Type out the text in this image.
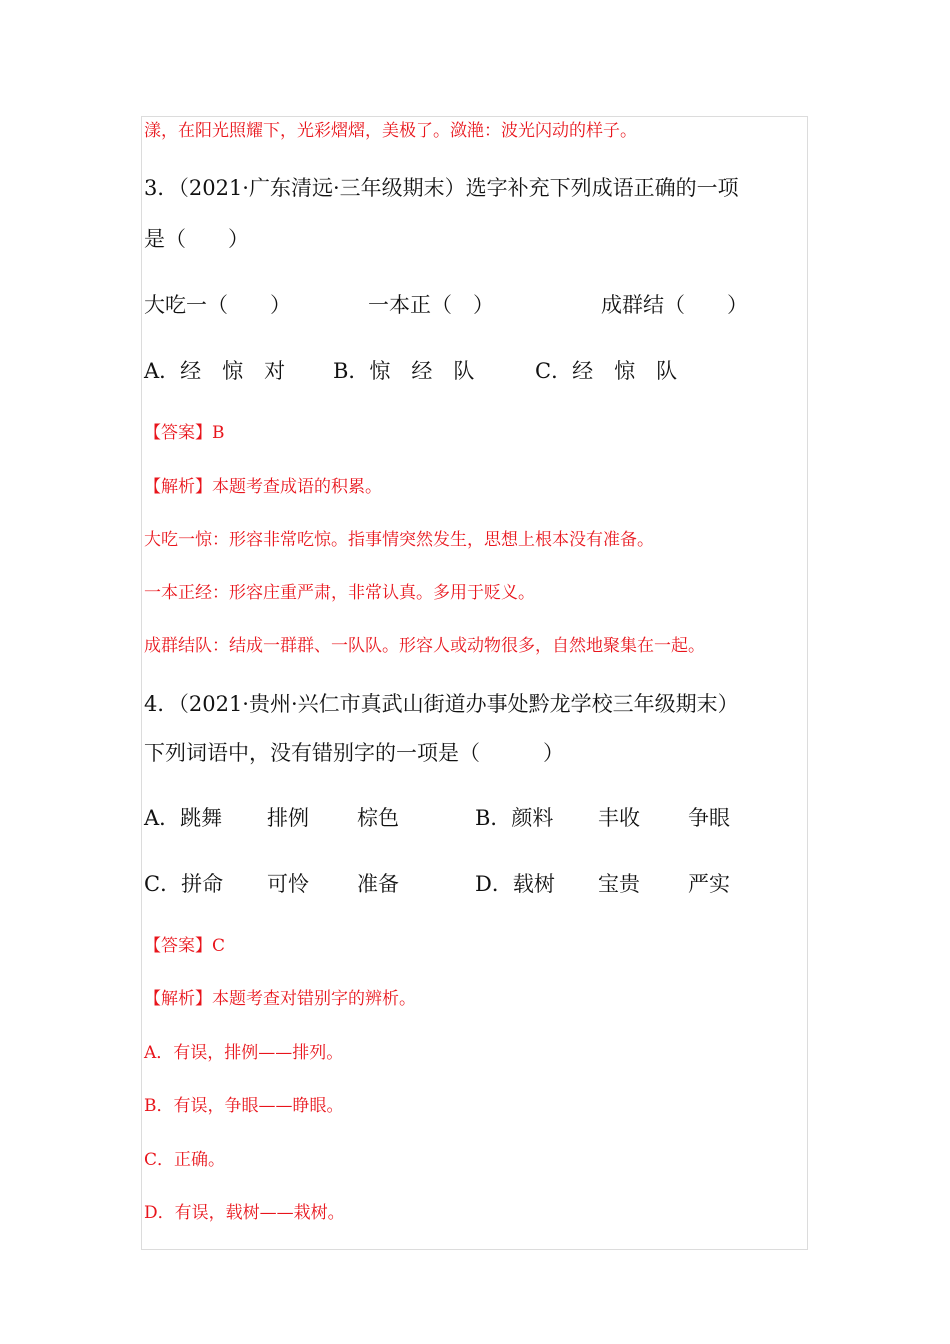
漾，在阳光照耀下，光彩熠熠，美极了。潋滟：波光闪动的样子。
3．（2021·广东清远·三年级期末）选字补充下列成语正确的一项
是（　　）
大吃一（　　）	一本正（　）	成群结（　　）
A．经　惊　对 B．惊　经　队	C．经　惊　队
【答案】B
【解析】本题考查成语的积累。
大吃一惊：形容非常吃惊。指事情突然发生，思想上根本没有准备。
一本正经：形容庄重严肃，非常认真。多用于贬义。
成群结队：结成一群群、一队队。形容人或动物很多，自然地聚集在一起。
4．（2021·贵州·兴仁市真武山街道办事处黔龙学校三年级期末）
下列词语中，没有错别字的一项是（　　　）
A．跳舞 排例 棕色	B．颜料 丰收 争眼
C．拼命 可怜 准备	D．载树 宝贵 严实
【答案】C
【解析】本题考查对错别字的辨析。
A．有误，排例——排列。
B．有误，争眼——睁眼。
C．正确。
D．有误，载树——栽树。
